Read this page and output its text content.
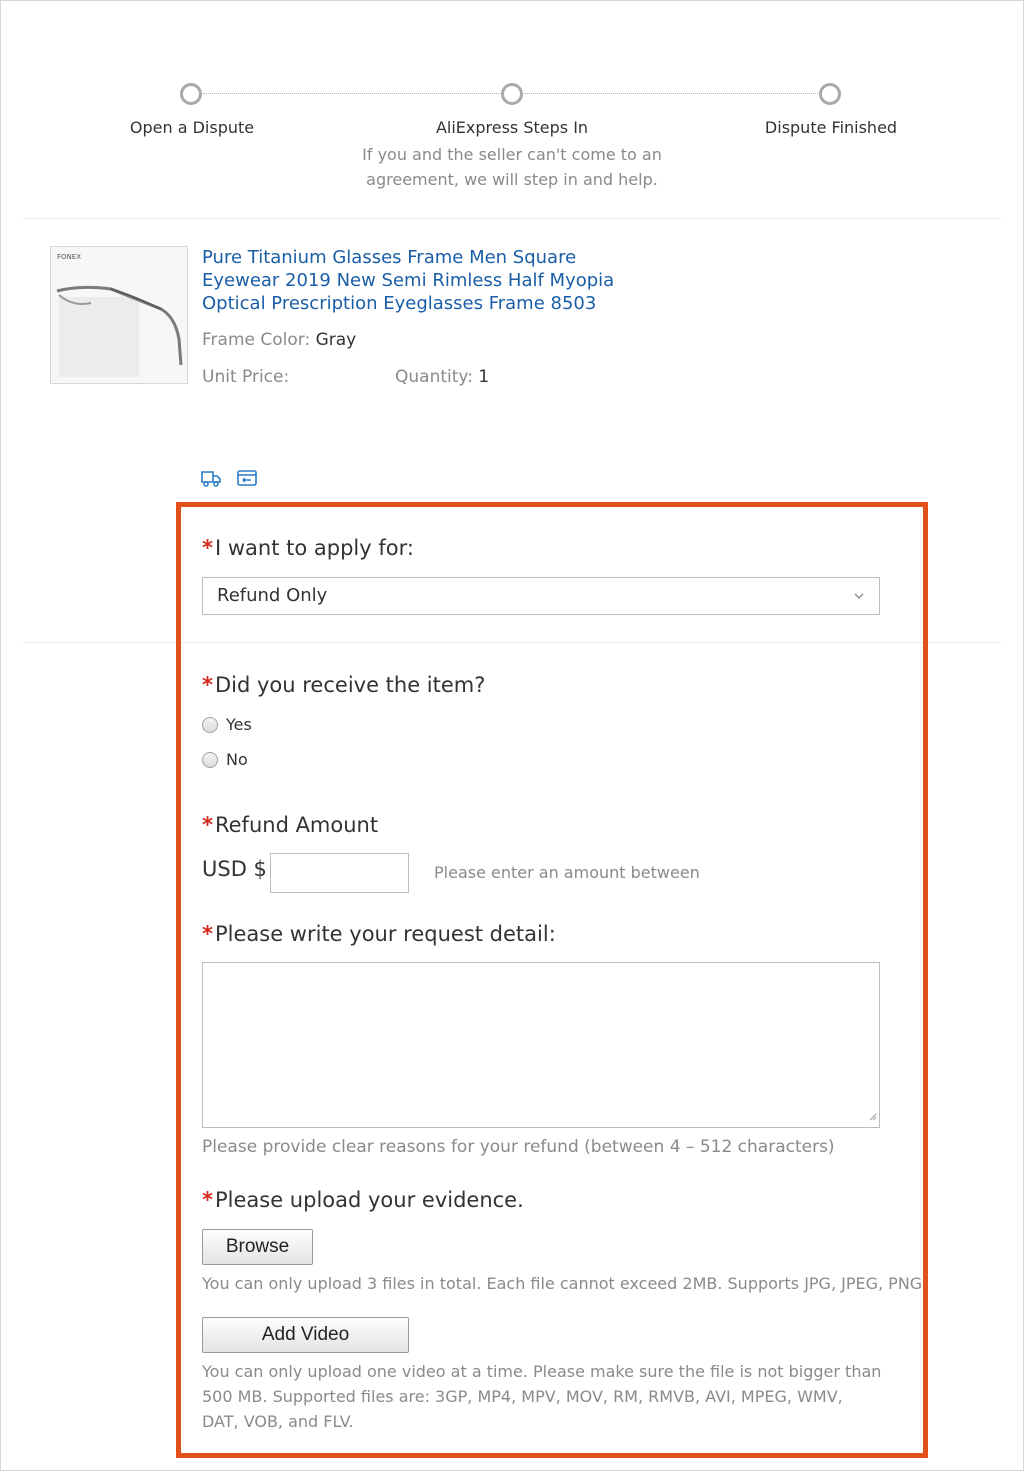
Open a Dispute	AliExpress Steps In	Dispute Finished
If you and the seller can't come to an agreement, we will step in and help.
FONEX	Pure Titanium Glasses Frame Men Square Eyewear 2019 New Semi Rimless Half Myopia Optical Prescription Eyeglasses Frame 8503
Frame Color: Gray
Unit Price:	Quantity: 1
*I want to apply for:
Refund Only
*Did you receive the item?
Yes
No
*Refund Amount
USD $	Please enter an amount between
*Please write your request detail:
Please provide clear reasons for your refund (between 4 – 512 characters)
*Please upload your evidence.
Browse
You can only upload 3 files in total. Each file cannot exceed 2MB. Supports JPG, JPEG, PNG
Add Video
You can only upload one video at a time. Please make sure the file is not bigger than 500 MB. Supported files are: 3GP, MP4, MPV, MOV, RM, RMVB, AVI, MPEG, WMV, DAT, VOB, and FLV.
